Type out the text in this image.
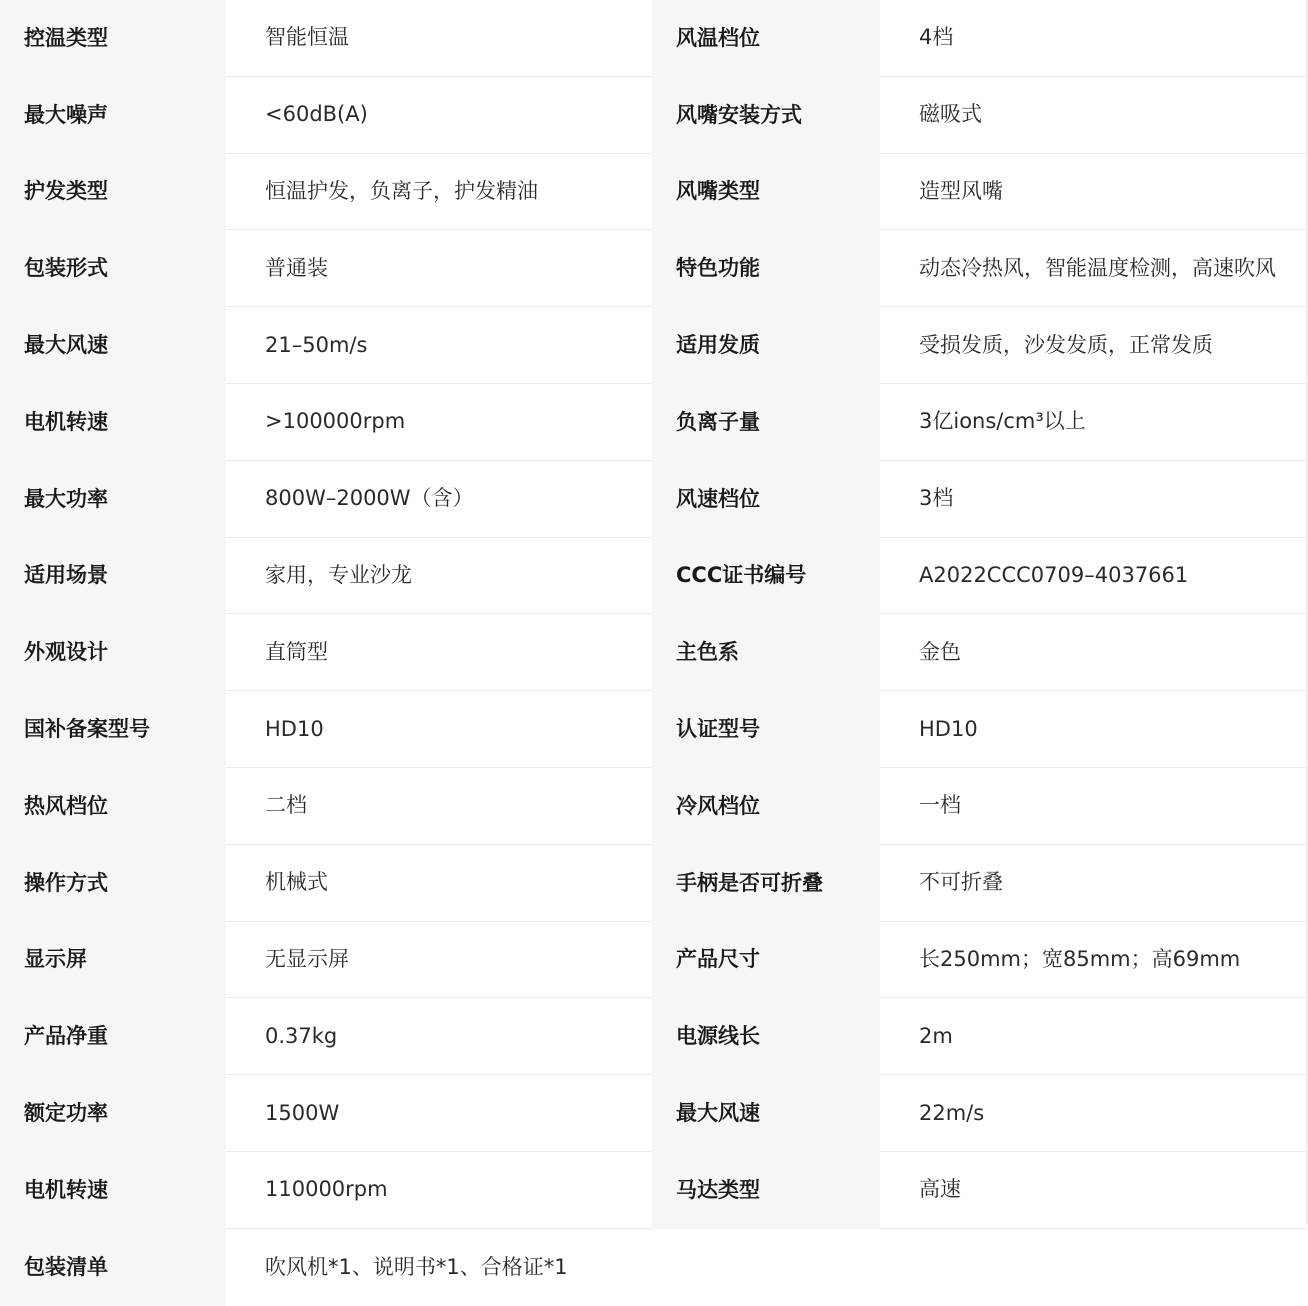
控温类型	智能恒温	风温档位	4档
最大噪声	<60dB(A)	风嘴安装方式	磁吸式
护发类型	恒温护发，负离子，护发精油	风嘴类型	造型风嘴
包装形式	普通装	特色功能	动态冷热风，智能温度检测，高速吹风
最大风速	21–50m/s	适用发质	受损发质，沙发发质，正常发质
电机转速	>100000rpm	负离子量	3亿ions/cm³以上
最大功率	800W–2000W（含）	风速档位	3档
适用场景	家用，专业沙龙	CCC证书编号	A2022CCC0709–4037661
外观设计	直筒型	主色系	金色
国补备案型号	HD10	认证型号	HD10
热风档位	二档	冷风档位	一档
操作方式	机械式	手柄是否可折叠	不可折叠
显示屏	无显示屏	产品尺寸	长250mm；宽85mm；高69mm
产品净重	0.37kg	电源线长	2m
额定功率	1500W	最大风速	22m/s
电机转速	110000rpm	马达类型	高速
包装清单	吹风机*1、说明书*1、合格证*1
